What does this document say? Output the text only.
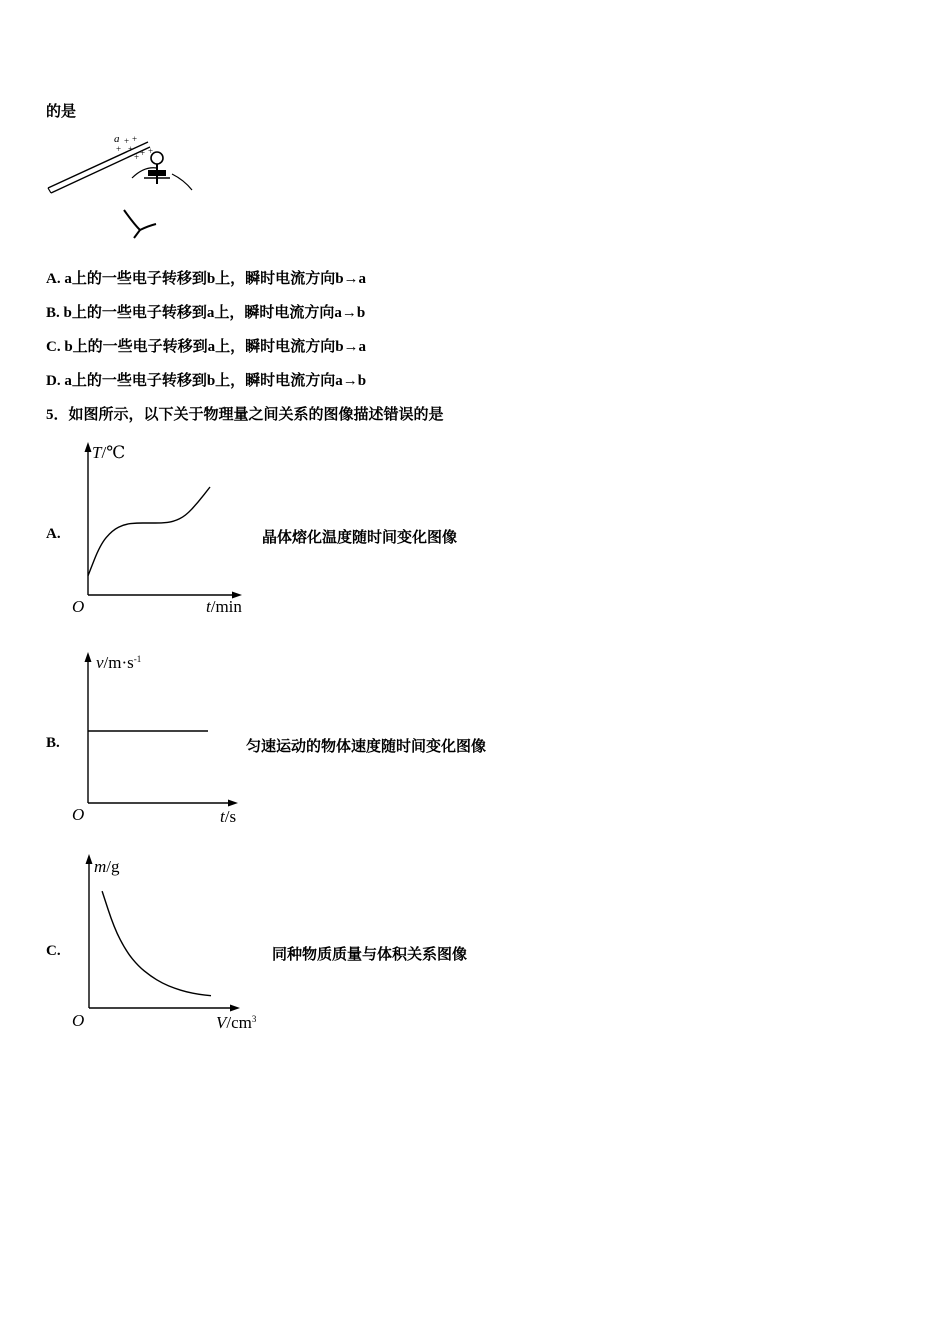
的是
a + +
+ + +
+
+
A. a上的一些电子转移到b上，瞬时电流方向b→a
B. b上的一些电子转移到a上，瞬时电流方向a→b
C. b上的一些电子转移到a上，瞬时电流方向b→a
D. a上的一些电子转移到b上，瞬时电流方向a→b
5．如图所示，以下关于物理量之间关系的图像描述错误的是
A.
O
T/℃
t/min
晶体熔化温度随时间变化图像
B.
O
$v/m\cdot s^{-1}$
t/s
匀速运动的物体速度随时间变化图像
C.
O
m/g
$V/cm^3$
同种物质质量与体积关系图像
